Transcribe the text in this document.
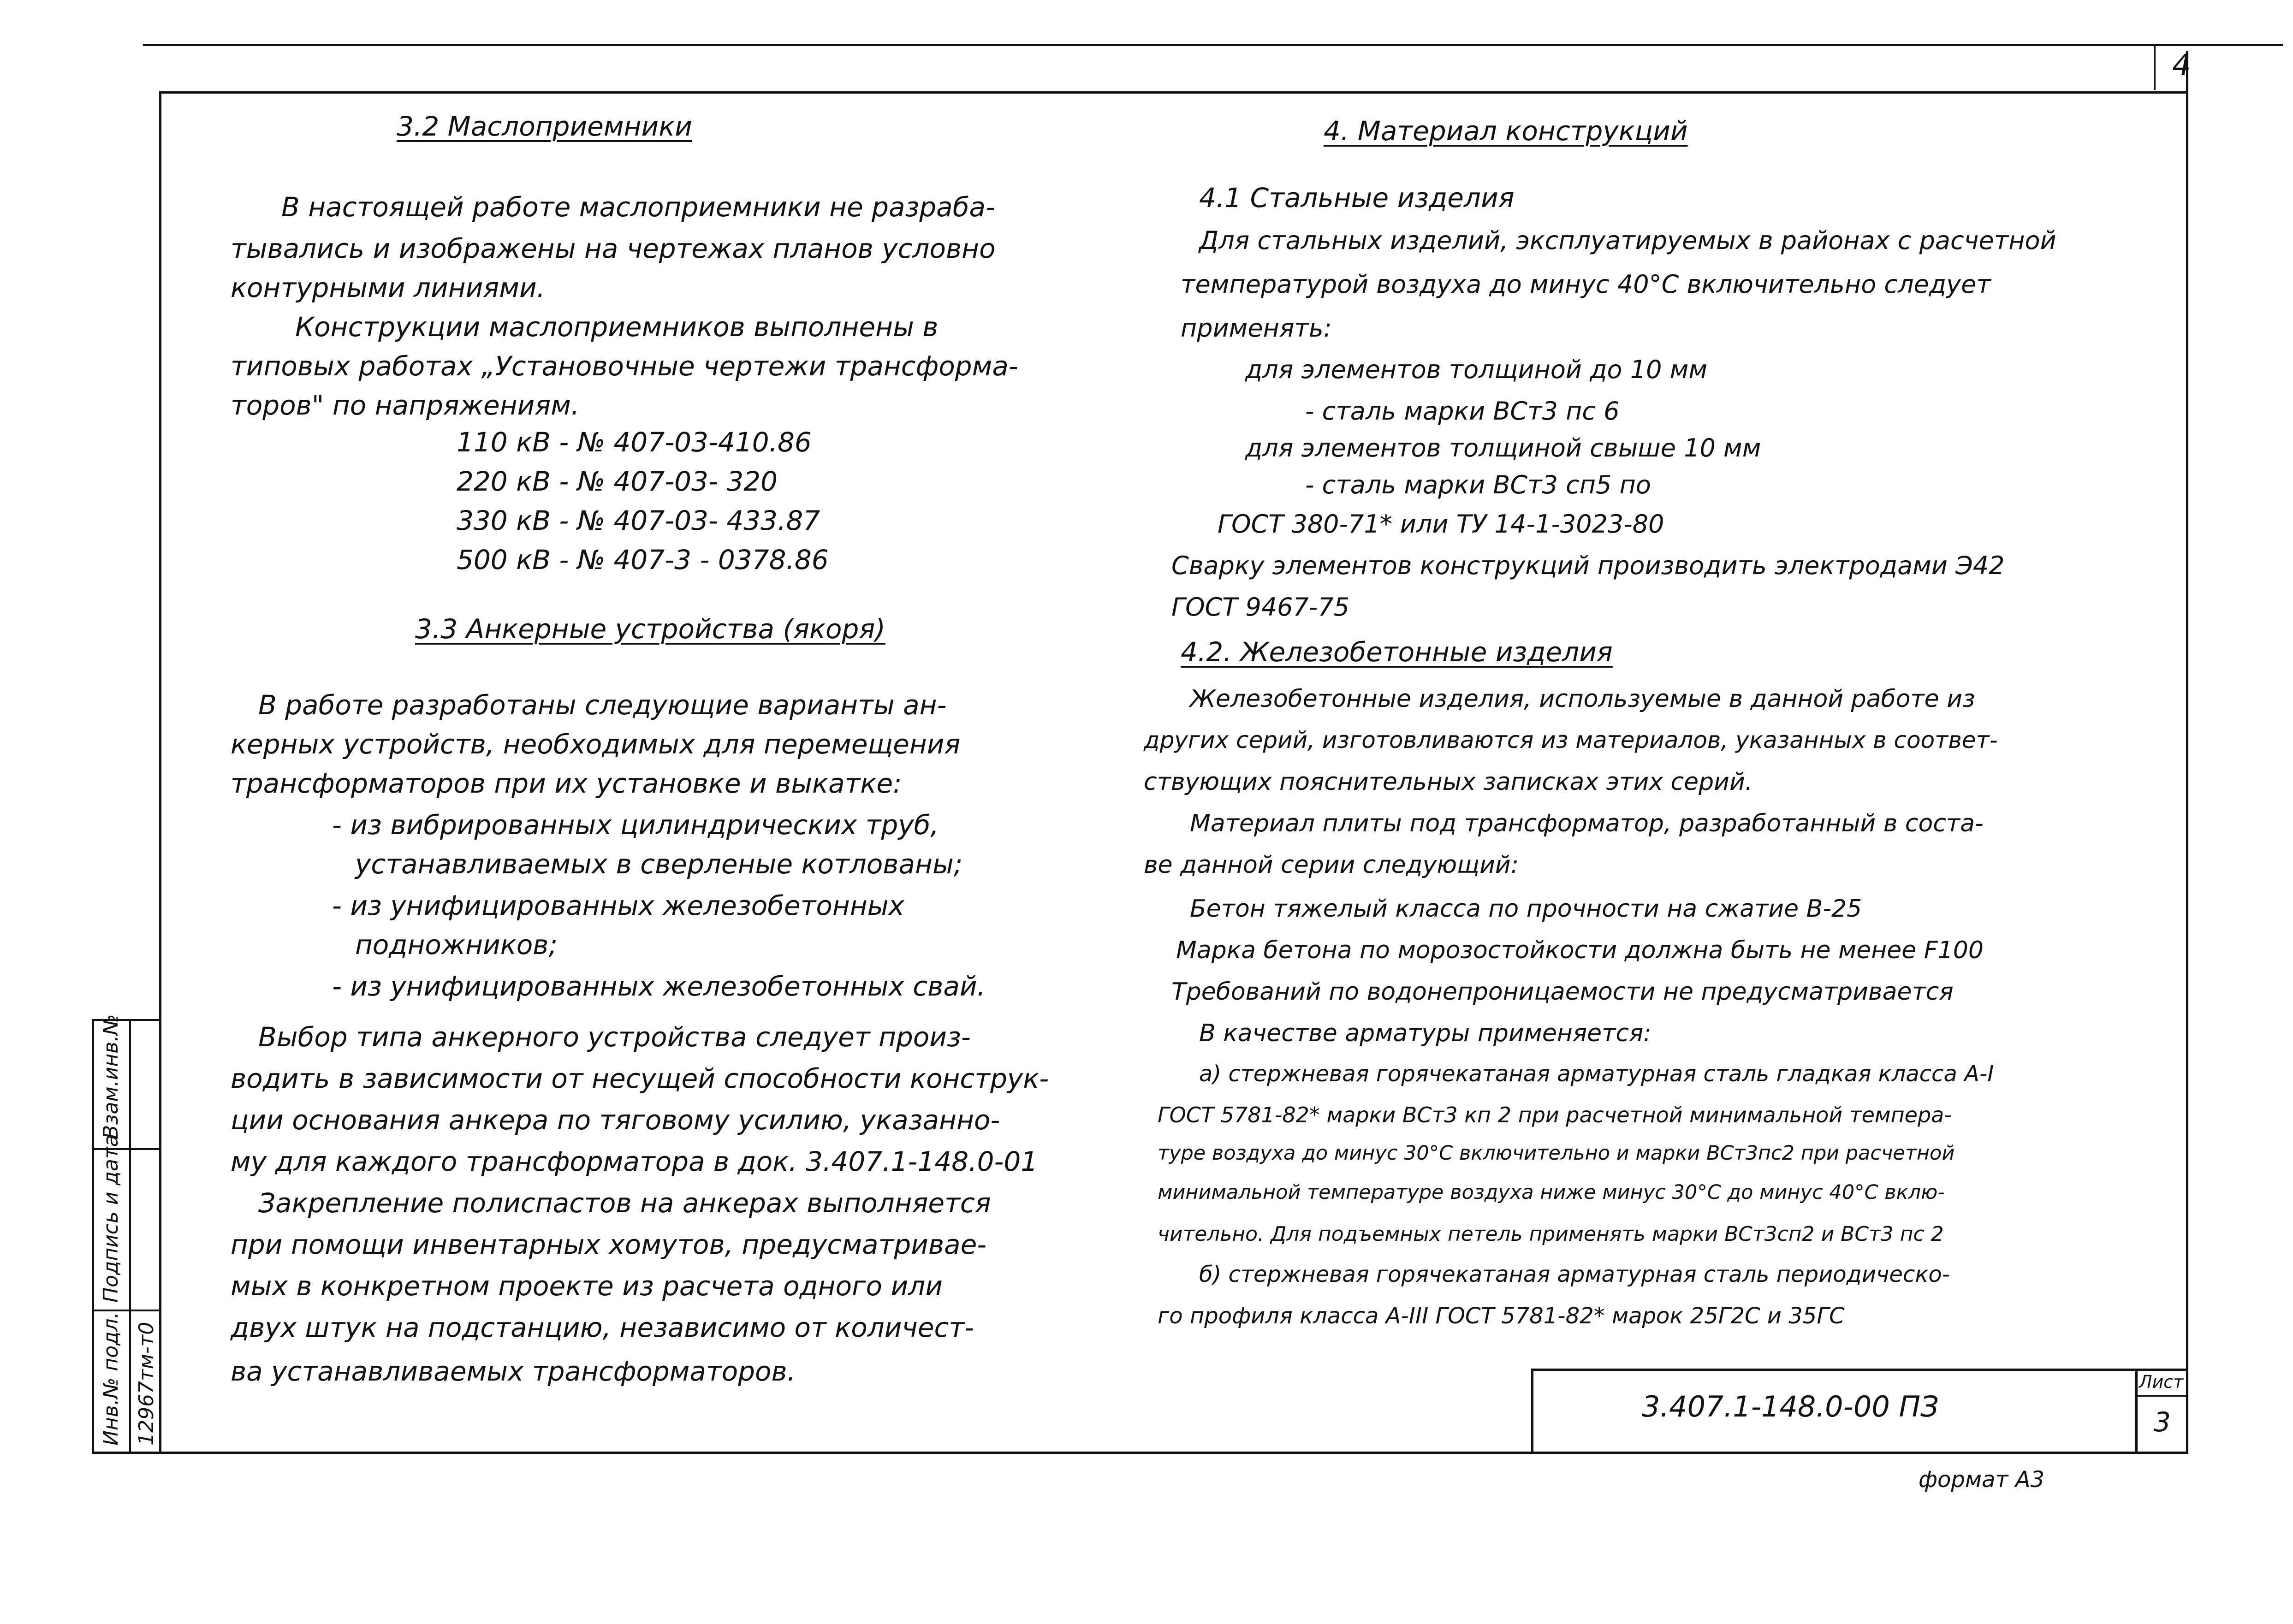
4
3.2 Маслоприемники
В настоящей работе маслоприемники не разраба-
тывались и изображены на чертежах планов условно
контурными линиями.
Конструкции маслоприемников выполнены в
типовых работах „Установочные чертежи трансформа-
торов" по напряжениям.
110 кВ - № 407-03-410.86
220 кВ - № 407-03- 320
330 кВ - № 407-03- 433.87
500 кВ - № 407-3 - 0378.86
3.3 Анкерные устройства (якоря)
В работе разработаны следующие варианты ан-
керных устройств, необходимых для перемещения
трансформаторов при их установке и выкатке:
- из вибрированных цилиндрических труб,
устанавливаемых в сверленые котлованы;
- из унифицированных железобетонных
подножников;
- из унифицированных железобетонных свай.
Выбор типа анкерного устройства следует произ-
водить в зависимости от несущей способности конструк-
ции основания анкера по тяговому усилию, указанно-
му для каждого трансформатора в док. 3.407.1-148.0-01
Закрепление полиспастов на анкерах выполняется
при помощи инвентарных хомутов, предусматривае-
мых в конкретном проекте из расчета одного или
двух штук на подстанцию, независимо от количест-
ва устанавливаемых трансформаторов.
4. Материал конструкций
4.1 Стальные изделия
Для стальных изделий, эксплуатируемых в районах с расчетной
температурой воздуха до минус 40°С включительно следует
применять:
для элементов толщиной до 10 мм
- сталь марки ВСт3 пс 6
для элементов толщиной свыше 10 мм
- сталь марки ВСт3 сп5 по
ГОСТ 380-71* или ТУ 14-1-3023-80
Сварку элементов конструкций производить электродами Э42
ГОСТ 9467-75
4.2. Железобетонные изделия
Железобетонные изделия, используемые в данной работе из
других серий, изготовливаются из материалов, указанных в соответ-
ствующих пояснительных записках этих серий.
Материал плиты под трансформатор, разработанный в соста-
ве данной серии следующий:
Бетон тяжелый класса по прочности на сжатие В-25
Марка бетона по морозостойкости должна быть не менее F100
Требований по водонепроницаемости не предусматривается
В качестве арматуры применяется:
а) стержневая горячекатаная арматурная сталь гладкая класса А-I
ГОСТ 5781-82* марки ВСт3 кп 2 при расчетной минимальной темпера-
туре воздуха до минус 30°С включительно и марки ВСт3пс2 при расчетной
минимальной температуре воздуха ниже минус 30°С до минус 40°С вклю-
чительно. Для подъемных петель применять марки ВСт3сп2 и ВСт3 пс 2
б) стержневая горячекатаная арматурная сталь периодическо-
го профиля класса А-III ГОСТ 5781-82* марок 25Г2С и 35ГС
3.407.1-148.0-00 ПЗ
Лист
3
формат А3
Взам.инв.№
Подпись и дата
Инв.№ подл. 12967тм-т0
